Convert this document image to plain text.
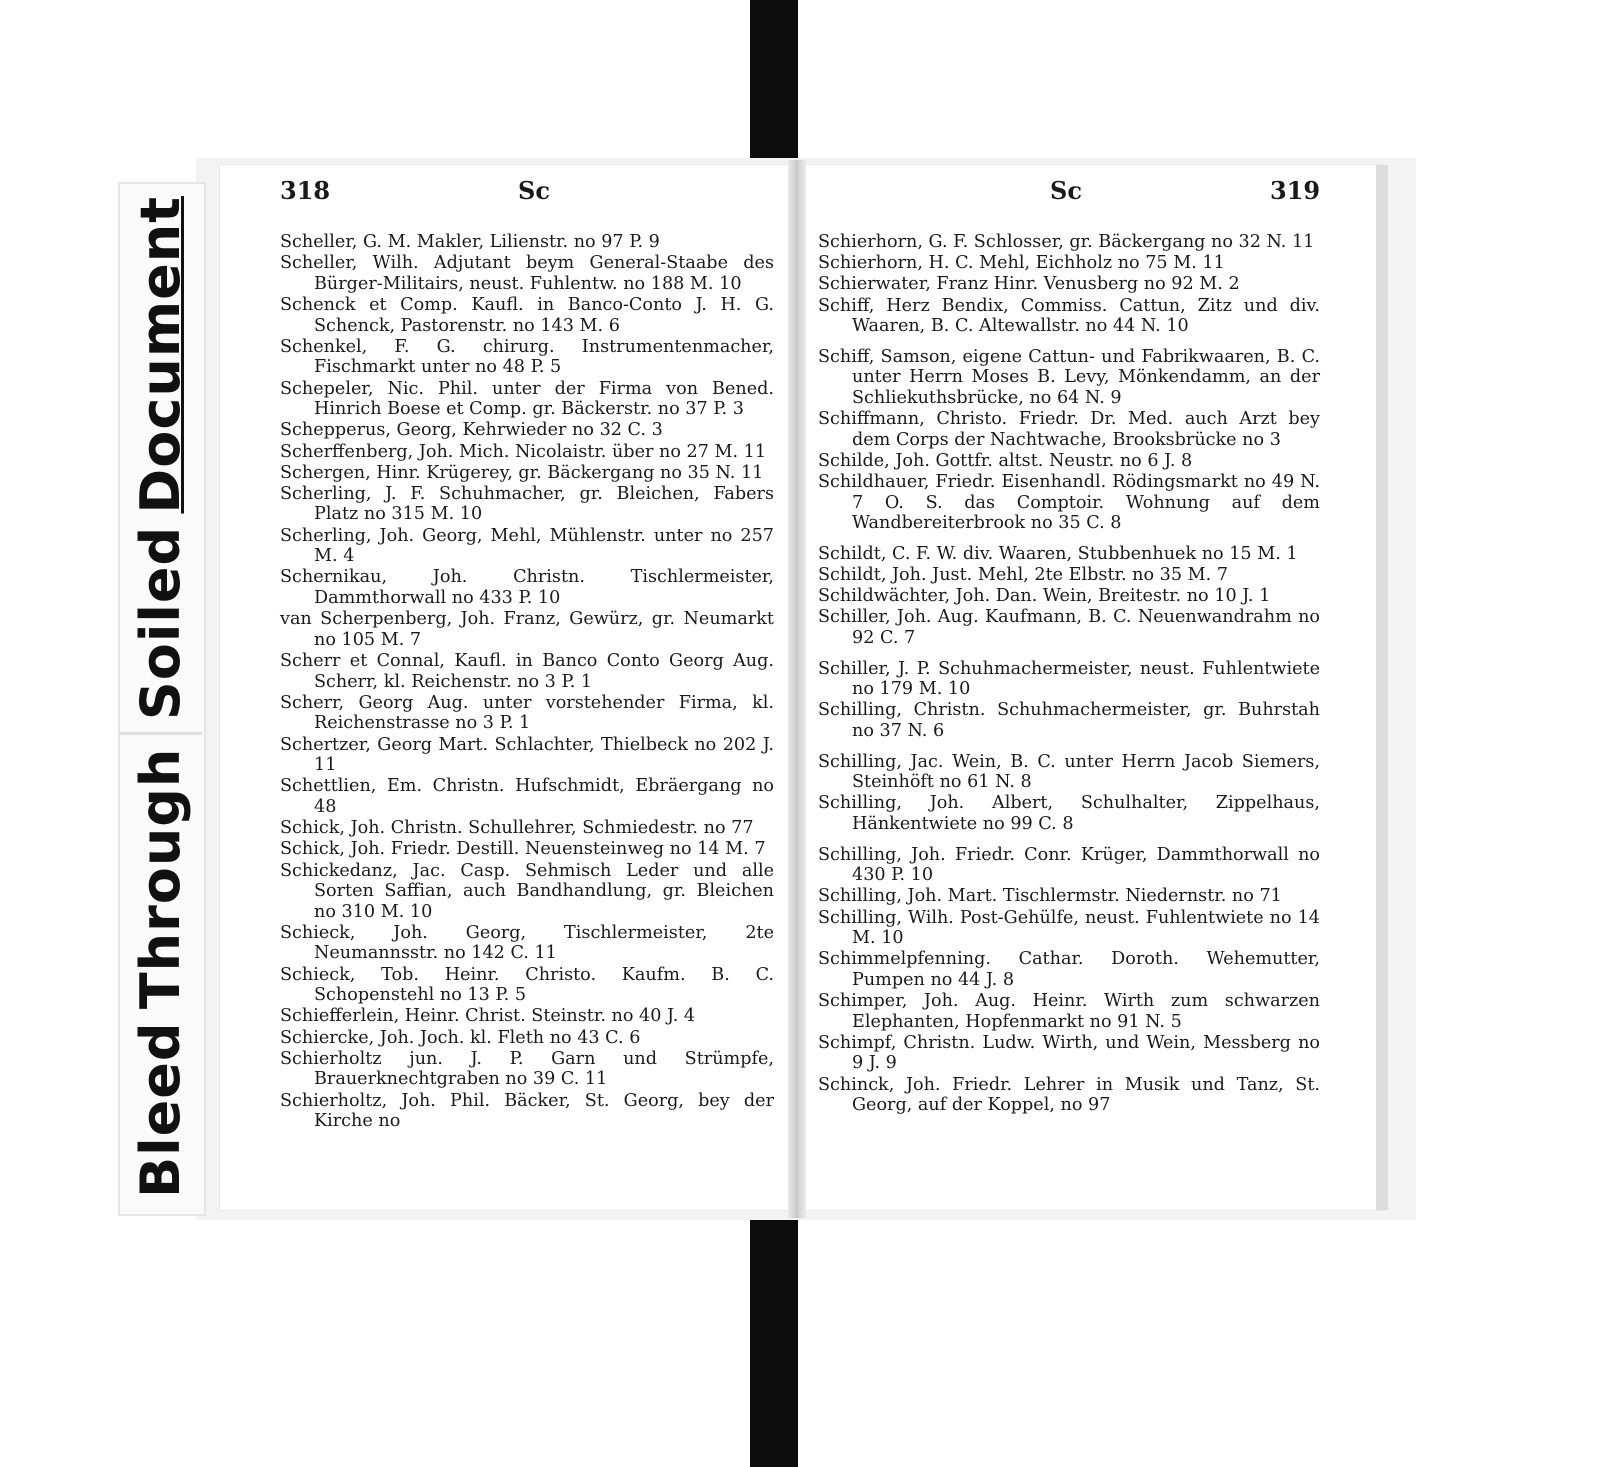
Bleed
Through
Soiled
Document
318	Sc
Scheller, G. M. Makler, Lilienstr. no 97 P. 9
Scheller, Wilh. Adjutant beym General-Staabe des Bürger-Militairs, neust. Fuhlentw. no 188 M. 10
Schenck et Comp. Kaufl. in Banco-Conto J. H. G. Schenck, Pastorenstr. no 143 M. 6
Schenkel, F. G. chirurg. Instrumentenmacher, Fischmarkt unter no 48 P. 5
Schepeler, Nic. Phil. unter der Firma von Bened. Hinrich Boese et Comp. gr. Bäckerstr. no 37 P. 3
Schepperus, Georg, Kehrwieder no 32 C. 3
Scherffenberg, Joh. Mich. Nicolaistr. über no 27 M. 11
Schergen, Hinr. Krügerey, gr. Bäckergang no 35 N. 11
Scherling, J. F. Schuhmacher, gr. Bleichen, Fabers Platz no 315 M. 10
Scherling, Joh. Georg, Mehl, Mühlenstr. unter no 257 M. 4
Schernikau, Joh. Christn. Tischlermeister, Dammthorwall no 433 P. 10
van Scherpenberg, Joh. Franz, Gewürz, gr. Neumarkt no 105 M. 7
Scherr et Connal, Kaufl. in Banco Conto Georg Aug. Scherr, kl. Reichenstr. no 3 P. 1
Scherr, Georg Aug. unter vorstehender Firma, kl. Reichenstrasse no 3 P. 1
Schertzer, Georg Mart. Schlachter, Thielbeck no 202 J. 11
Schettlien, Em. Christn. Hufschmidt, Ebräergang no 48
Schick, Joh. Christn. Schullehrer, Schmiedestr. no 77
Schick, Joh. Friedr. Destill. Neuensteinweg no 14 M. 7
Schickedanz, Jac. Casp. Sehmisch Leder und alle Sorten Saffian, auch Bandhandlung, gr. Bleichen no 310 M. 10
Schieck, Joh. Georg, Tischlermeister, 2te Neumannsstr. no 142 C. 11
Schieck, Tob. Heinr. Christo. Kaufm. B. C. Schopenstehl no 13 P. 5
Schiefferlein, Heinr. Christ. Steinstr. no 40 J. 4
Schiercke, Joh. Joch. kl. Fleth no 43 C. 6
Schierholtz jun. J. P. Garn und Strümpfe, Brauerknechtgraben no 39 C. 11
Schierholtz, Joh. Phil. Bäcker, St. Georg, bey der Kirche no
Sc	319
Schierhorn, G. F. Schlosser, gr. Bäckergang no 32 N. 11
Schierhorn, H. C. Mehl, Eichholz no 75 M. 11
Schierwater, Franz Hinr. Venusberg no 92 M. 2
Schiff, Herz Bendix, Commiss. Cattun, Zitz und div. Waaren, B. C. Altewallstr. no 44 N. 10
Schiff, Samson, eigene Cattun- und Fabrikwaaren, B. C. unter Herrn Moses B. Levy, Mönkendamm, an der Schliekuthsbrücke, no 64 N. 9
Schiffmann, Christo. Friedr. Dr. Med. auch Arzt bey dem Corps der Nachtwache, Brooksbrücke no 3
Schilde, Joh. Gottfr. altst. Neustr. no 6 J. 8
Schildhauer, Friedr. Eisenhandl. Rödingsmarkt no 49 N. 7 O. S. das Comptoir. Wohnung auf dem Wandbereiterbrook no 35 C. 8
Schildt, C. F. W. div. Waaren, Stubbenhuek no 15 M. 1
Schildt, Joh. Just. Mehl, 2te Elbstr. no 35 M. 7
Schildwächter, Joh. Dan. Wein, Breitestr. no 10 J. 1
Schiller, Joh. Aug. Kaufmann, B. C. Neuenwandrahm no 92 C. 7
Schiller, J. P. Schuhmachermeister, neust. Fuhlentwiete no 179 M. 10
Schilling, Christn. Schuhmachermeister, gr. Buhrstah no 37 N. 6
Schilling, Jac. Wein, B. C. unter Herrn Jacob Siemers, Steinhöft no 61 N. 8
Schilling, Joh. Albert, Schulhalter, Zippelhaus, Hänkentwiete no 99 C. 8
Schilling, Joh. Friedr. Conr. Krüger, Dammthorwall no 430 P. 10
Schilling, Joh. Mart. Tischlermstr. Niedernstr. no 71
Schilling, Wilh. Post-Gehülfe, neust. Fuhlentwiete no 14 M. 10
Schimmelpfenning. Cathar. Doroth. Wehemutter, Pumpen no 44 J. 8
Schimper, Joh. Aug. Heinr. Wirth zum schwarzen Elephanten, Hopfenmarkt no 91 N. 5
Schimpf, Christn. Ludw. Wirth, und Wein, Messberg no 9 J. 9
Schinck, Joh. Friedr. Lehrer in Musik und Tanz, St. Georg, auf der Koppel, no 97
